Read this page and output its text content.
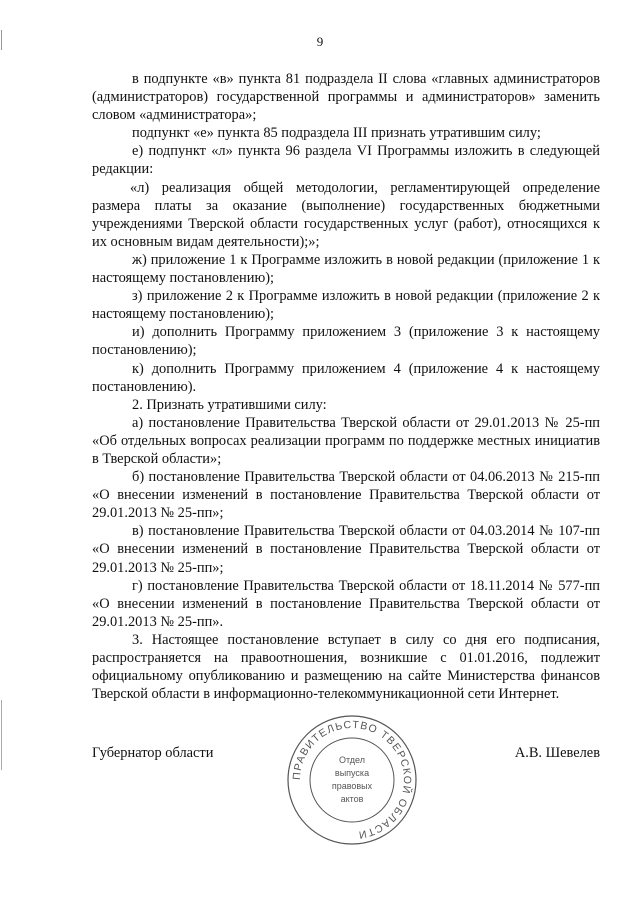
9

в подпункте «в» пункта 81 подраздела II слова «главных администраторов (администраторов) государственной программы и администраторов» заменить словом «администратора»;

подпункт «е» пункта 85 подраздела III признать утратившим силу;

е) подпункт «л» пункта 96 раздела VI Программы изложить в следующей редакции:

«л) реализация общей методологии, регламентирующей определение размера платы за оказание (выполнение) государственных бюджетными учреждениями Тверской области государственных услуг (работ), относящихся к их основным видам деятельности);»;

ж) приложение 1 к Программе изложить в новой редакции (приложение 1 к настоящему постановлению);

з) приложение 2 к Программе изложить в новой редакции (приложение 2 к настоящему постановлению);

и) дополнить Программу приложением 3 (приложение 3 к настоящему постановлению);

к) дополнить Программу приложением 4 (приложение 4 к настоящему постановлению).

2. Признать утратившими силу:

а) постановление Правительства Тверской области от 29.01.2013 № 25-пп «Об отдельных вопросах реализации программ по поддержке местных инициатив в Тверской области»;

б) постановление Правительства Тверской области от 04.06.2013 № 215-пп «О внесении изменений в постановление Правительства Тверской области от 29.01.2013 № 25-пп»;

в) постановление Правительства Тверской области от 04.03.2014 № 107-пп «О внесении изменений в постановление Правительства Тверской области от 29.01.2013 № 25-пп»;

г) постановление Правительства Тверской области от 18.11.2014 № 577-пп «О внесении изменений в постановление Правительства Тверской области от 29.01.2013 № 25-пп».

3. Настоящее постановление вступает в силу со дня его подписания, распространяется на правоотношения, возникшие с 01.01.2016, подлежит официальному опубликованию и размещению на сайте Министерства финансов Тверской области в информационно-телекоммуникационной сети Интернет.

Губернатор области	А.В. Шевелев
ПРАВИТЕЛЬСТВО ТВЕРСКОЙ ОБЛАСТИ
Отдел
выпуска
правовых
актов
